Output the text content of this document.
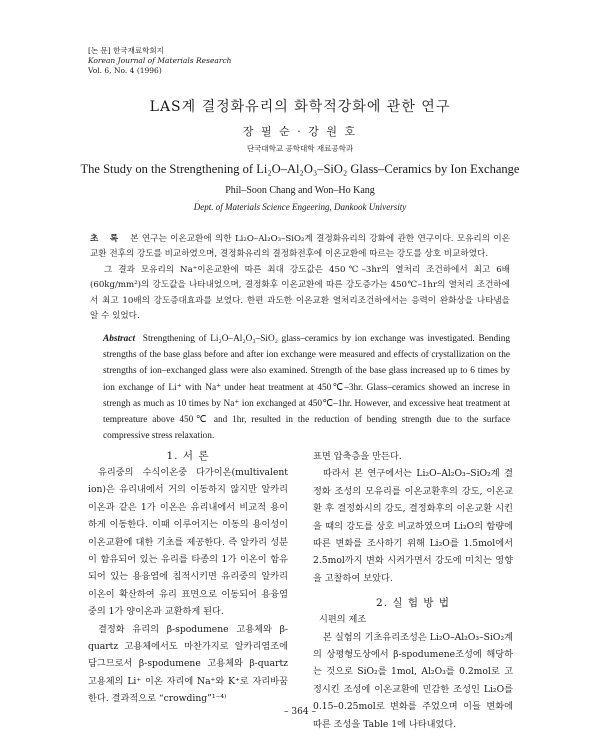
[논 문] 한국재료학회지
Korean Journal of Materials Research
Vol. 6, No. 4 (1996)
LAS계 결정화유리의 화학적강화에 관한 연구
장 필 순 · 강 원 호
단국대학교 공학대학 재료공학과
The Study on the Strengthening of Li₂O–Al₂O₃–SiO₂ Glass–Ceramics by Ion Exchange
Phil–Soon Chang and Won–Ho Kang
Dept. of Materials Science Engeering, Dankook University

초 록 본 연구는 이온교환에 의한 Li₂O–Al₂O₃–SiO₂계 결정화유리의 강화에 관한 연구이다. 모유리의 이온교환 전후의 강도를 비교하였으며, 결정화유리의 결정화전후에 이온교환에 따르는 강도를 상호 비교하였다.

그 결과 모유리의 Na⁺이온교환에 따른 최대 강도값은 450℃–3hr의 열처리 조건하에서 최고 6배(60kg/mm²)의 강도값을 나타내었으며, 결정화후 이온교환에 따른 강도증가는 450℃–1hr의 열처리 조건하에서 최고 10배의 강도증대효과를 보였다. 한편 과도한 이온교환 열처리조건하에서는 응력이 완화상을 나타냄을 알 수 있었다.

Abstract Strengthening of Li₂O–Al₂O₃–SiO₂ glass–ceramics by ion exchange was investigated. Bending strengths of the base glass before and after ion exchange were measured and effects of crystallization on the strengths of ion–exchanged glass were also examined. Strength of the base glass increased up to 6 times by ion exchange of Li⁺ with Na⁺ under heat treatment at 450℃–3hr. Glass–ceramics showed an increse in strengh as much as 10 times by Na⁺ ion exchanged at 450℃–1hr. However, and excessive heat treatment at tempreature above 450℃ and 1hr, resulted in the reduction of bending strength due to the surface compressive stress relaxation.

1. 서 론

유리중의 수식이온중 다가이온(multivalent ion)은 유리내에서 거의 이동하지 않지만 알카리 이온과 같은 1가 이온은 유리내에서 비교적 용이하게 이동한다. 이때 이루어지는 이동의 용이성이 이온교환에 대한 기초를 제공한다. 즉 알카리 성분이 함유되어 있는 유리를 타종의 1가 이온이 함유되어 있는 용융염에 침적시키면 유리중의 알카리 이온이 확산하여 유리 표면으로 이동되어 용융염중의 1가 양이온과 교환하게 된다.

결정화 유리의 β-spodumene 고용체와 β-quartz 고용체에서도 마찬가지로 알카리염조에 담그므로서 β-spodumene 고용체와 β-quartz 고용체의 Li⁺ 이온 자리에 Na⁺와 K⁺로 자리바꿈 한다. 결과적으로 “crowding”¹⁻⁴⁾

표면 압축층을 만든다.

따라서 본 연구에서는 Li₂O–Al₂O₃–SiO₂계 결정화 조성의 모유리를 이온교환후의 강도, 이온교환 후 결정화시의 강도, 결정화후의 이온교환 시킨을 때의 강도를 상호 비교하였으며 Li₂O의 함량에 따른 변화를 조사하기 위해 Li₂O를 1.5mol에서 2.5mol까지 변화 시켜가면서 강도에 미치는 영향을 고찰하여 보았다.

2. 실 험 방 법

시편의 제조

본 실험의 기초유리조성은 Li₂O–Al₂O₃–SiO₂계의 상평형도상에서 β-spodumene조성에 해당하는 것으로 SiO₂를 1mol, Al₂O₃를 0.2mol로 고정시킨 조성에 이온교환에 민감한 조성인 Li₂O를 0.15–0.25mol로 변화를 주었으며 이들 변화에 따른 조성을 Table 1에 나타내었다.

– 364 –
